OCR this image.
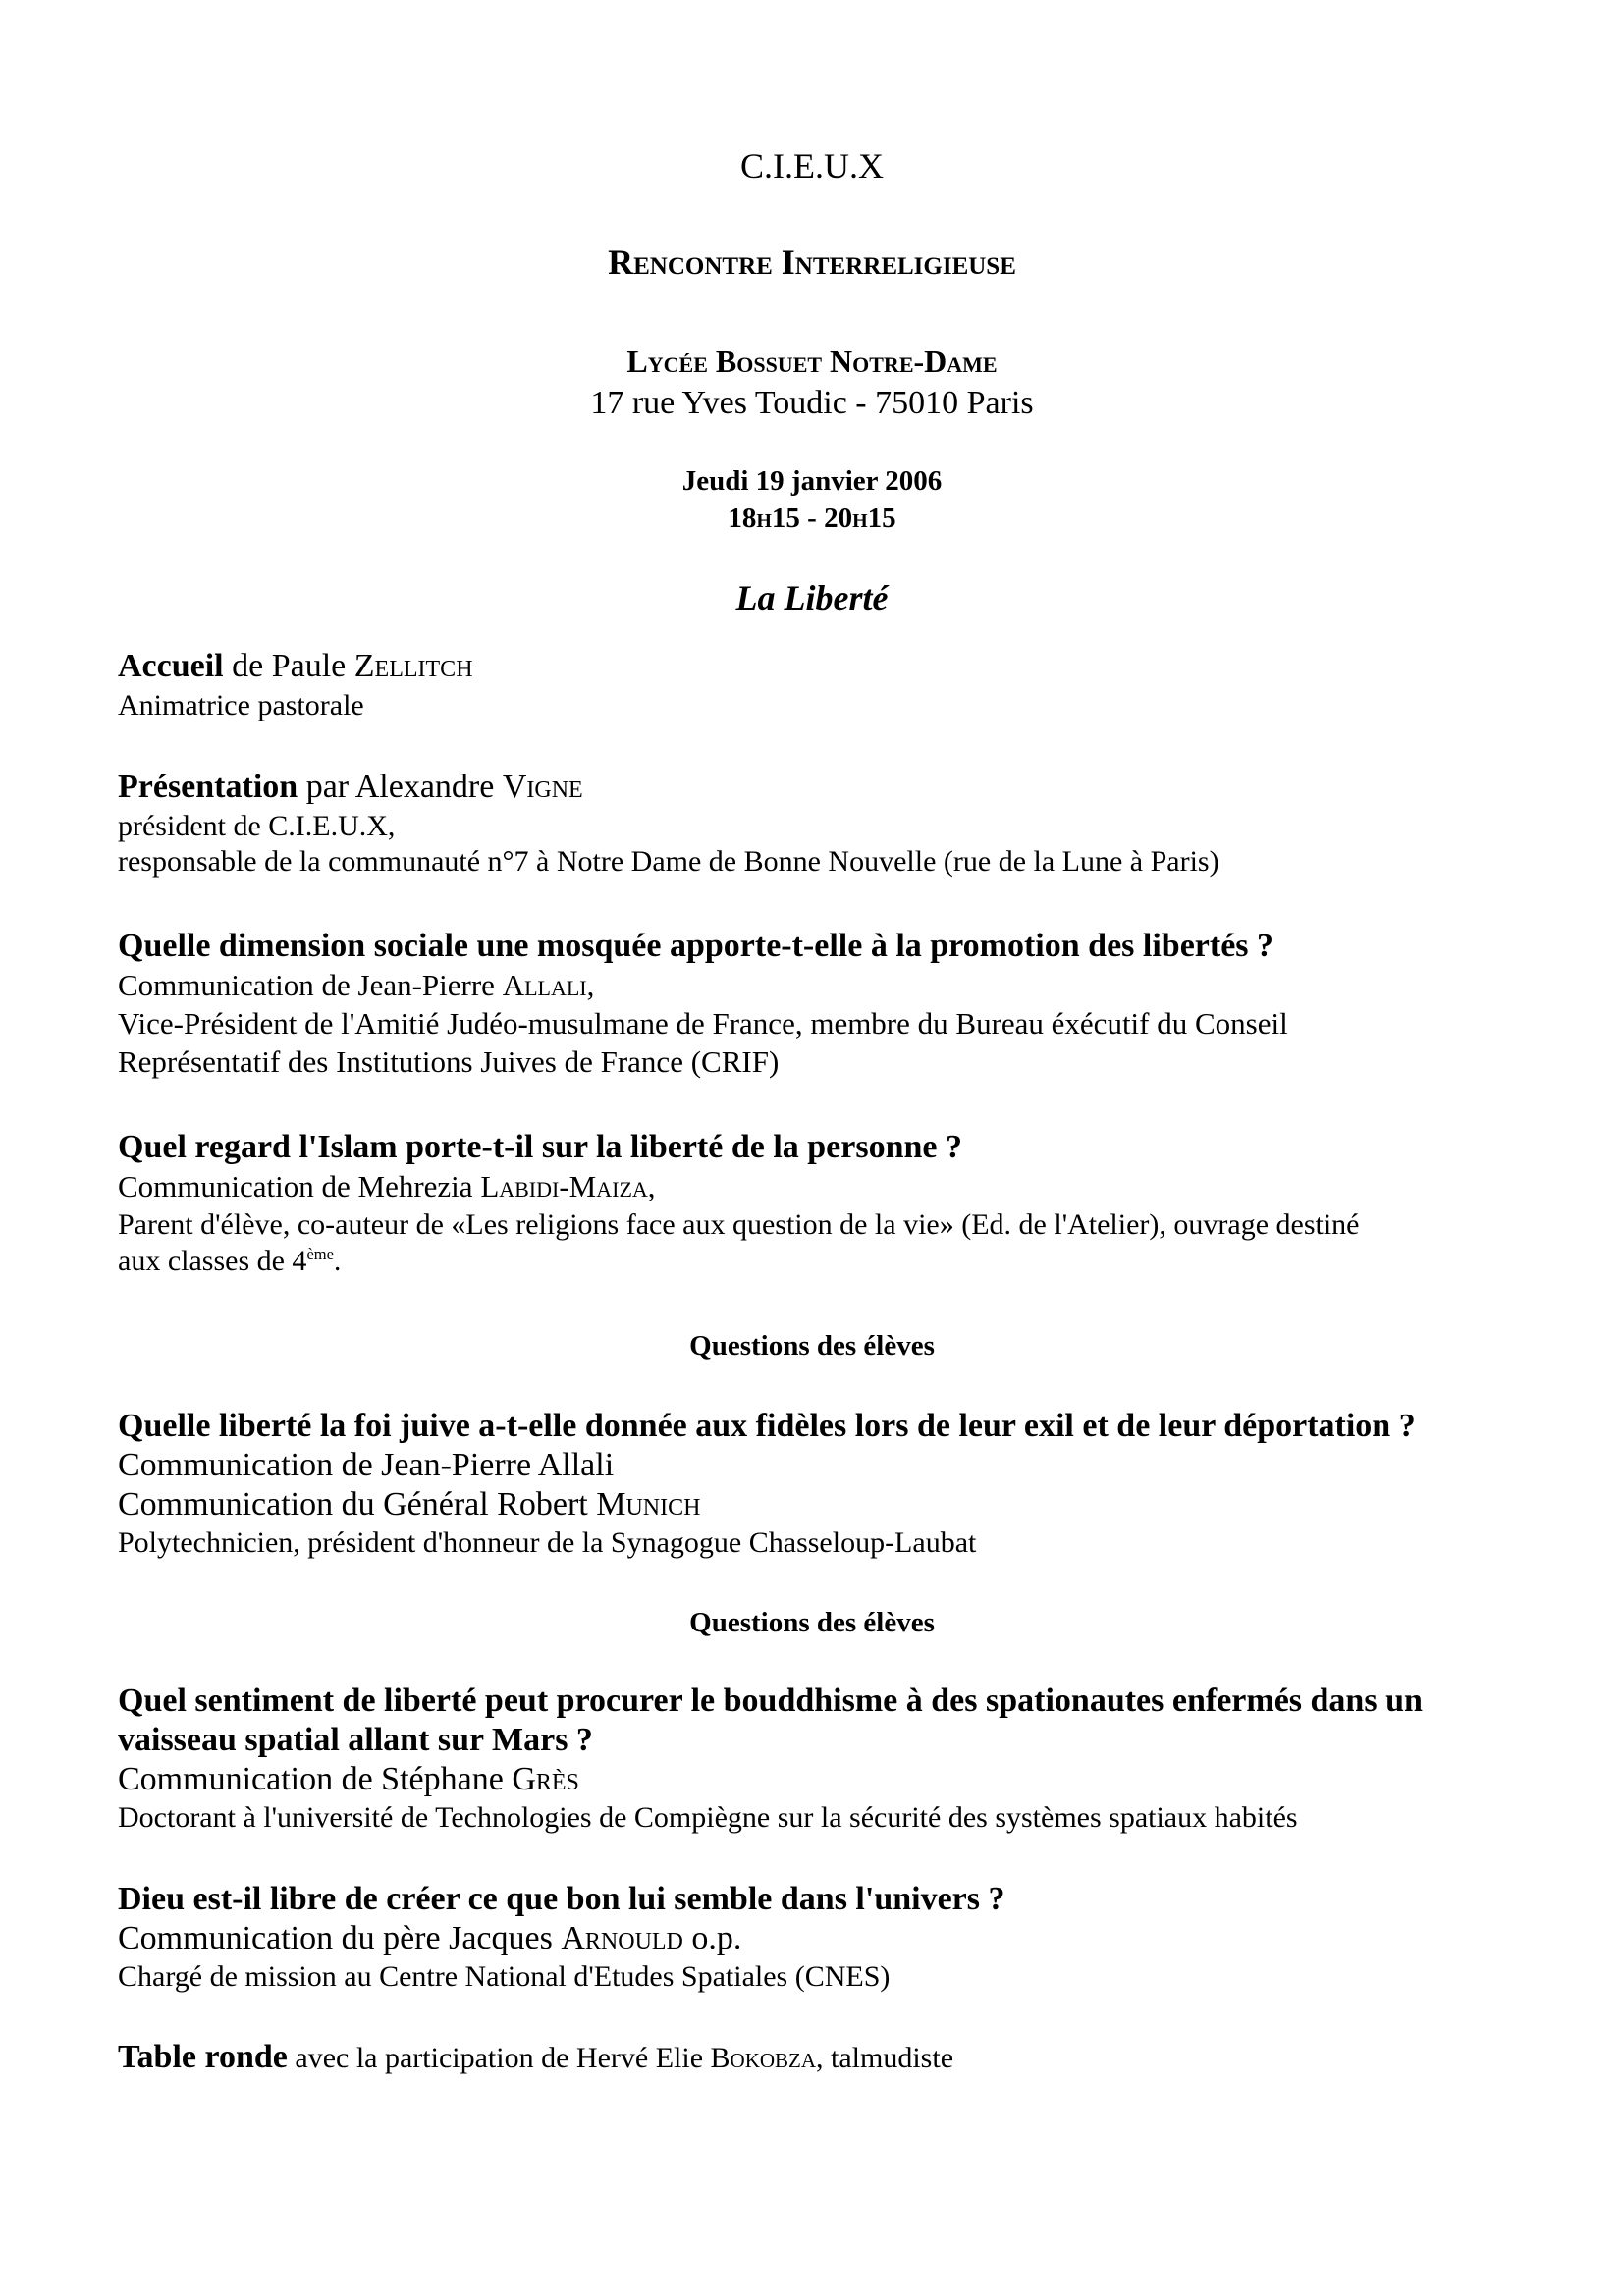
C.I.E.U.X
Rencontre Interreligieuse
Lycée Bossuet Notre-Dame
17 rue Yves Toudic - 75010 Paris
Jeudi 19 janvier 2006
18h15 - 20h15
La Liberté
Accueil de Paule Zellitch
Animatrice pastorale
Présentation par Alexandre Vigne
président de C.I.E.U.X,
responsable de la communauté n°7 à Notre Dame de Bonne Nouvelle (rue de la Lune à Paris)
Quelle dimension sociale une mosquée apporte-t-elle à la promotion des libertés ?
Communication de Jean-Pierre Allali,
Vice-Président de l'Amitié Judéo-musulmane de France, membre du Bureau éxécutif du Conseil
Représentatif des Institutions Juives de France (CRIF)
Quel regard l'Islam porte-t-il sur la liberté de la personne ?
Communication de Mehrezia Labidi-Maiza,
Parent d'élève, co-auteur de «Les religions face aux question de la vie» (Ed. de l'Atelier), ouvrage destiné
aux classes de 4ème.
Questions des élèves
Quelle liberté la foi juive a-t-elle donnée aux fidèles lors de leur exil et de leur déportation ?
Communication de Jean-Pierre Allali
Communication du Général Robert Munich
Polytechnicien, président d'honneur de la Synagogue Chasseloup-Laubat
Questions des élèves
Quel sentiment de liberté peut procurer le bouddhisme à des spationautes enfermés dans un
vaisseau spatial allant sur Mars ?
Communication de Stéphane Grès
Doctorant à l'université de Technologies de Compiègne sur la sécurité des systèmes spatiaux habités
Dieu est-il libre de créer ce que bon lui semble dans l'univers ?
Communication du père Jacques Arnould o.p.
Chargé de mission au Centre National d'Etudes Spatiales (CNES)
Table ronde avec la participation de Hervé Elie Bokobza, talmudiste
